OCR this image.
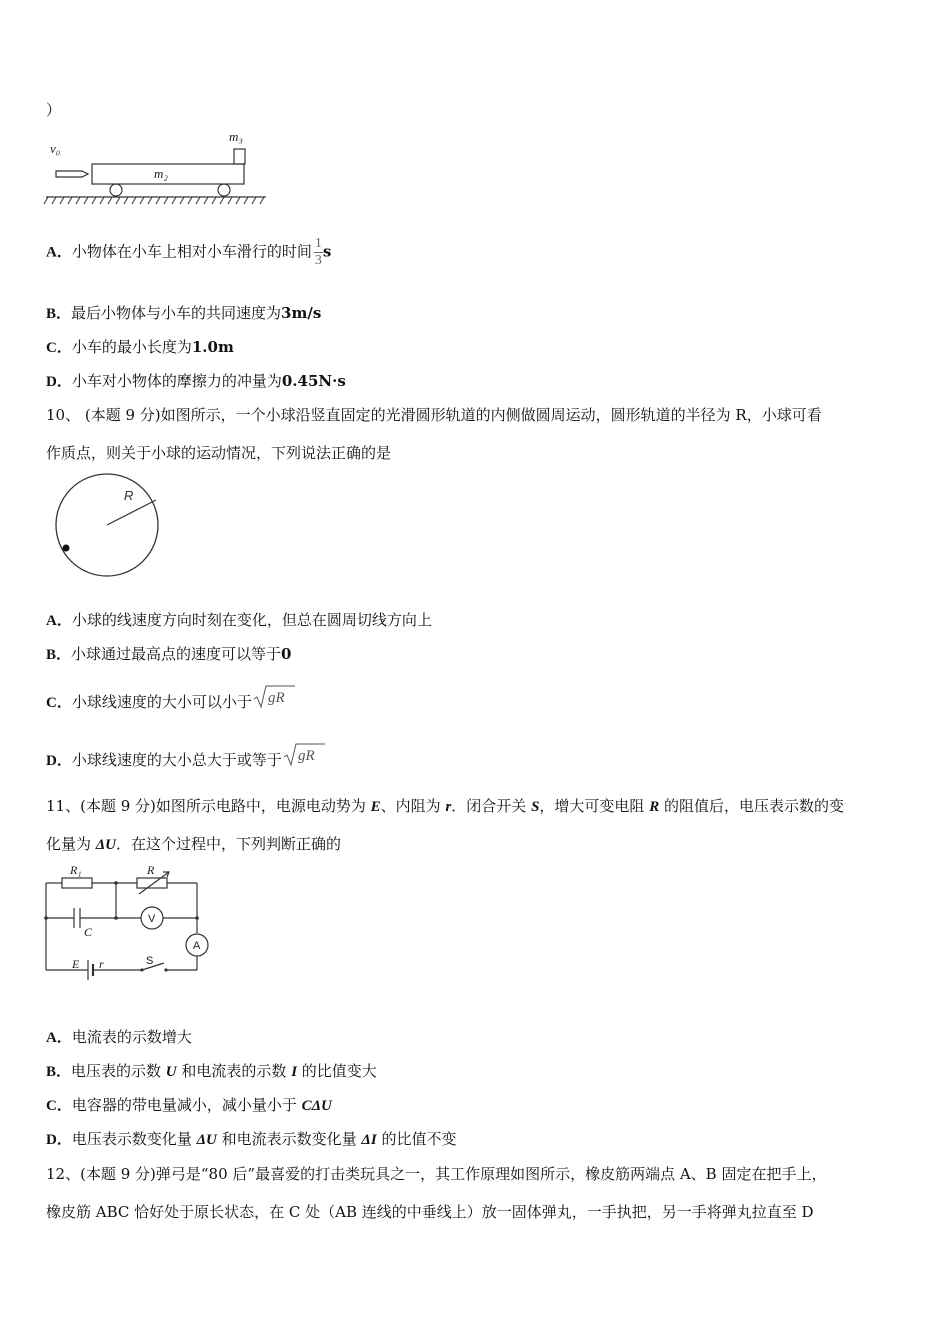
）
v₀
m₂
m₃
A．小物体在小车上相对小车滑行的时间 $\frac{1}{3}$ s
B．最后小物体与小车的共同速度为3m/s
C．小车的最小长度为1.0m
D．小车对小物体的摩擦力的冲量为0.45N·s
10、 (本题 9 分)如图所示，一个小球沿竖直固定的光滑圆形轨道的内侧做圆周运动，圆形轨道的半径为 R，小球可看
作质点，则关于小球的运动情况，下列说法正确的是
R
A．小球的线速度方向时刻在变化，但总在圆周切线方向上
B．小球通过最高点的速度可以等于0
C．小球线速度的大小可以小于 gR
D．小球线速度的大小总大于或等于 gR
11、(本题 9 分)如图所示电路中，电源电动势为 E、内阻为 r．闭合开关 S，增大可变电阻 R 的阻值后，电压表示数的变
化量为 ΔU．在这个过程中，下列判断正确的
R₁	R
C
E r
V
A
S
A．电流表的示数增大
B．电压表的示数 U 和电流表的示数 I 的比值变大
C．电容器的带电量减小，减小量小于 CΔU
D．电压表示数变化量 ΔU 和电流表示数变化量 ΔI 的比值不变
12、(本题 9 分)弹弓是“80 后”最喜爱的打击类玩具之一，其工作原理如图所示，橡皮筋两端点 A、B 固定在把手上，
橡皮筋 ABC 恰好处于原长状态，在 C 处（AB 连线的中垂线上）放一固体弹丸，一手执把，另一手将弹丸拉直至 D
